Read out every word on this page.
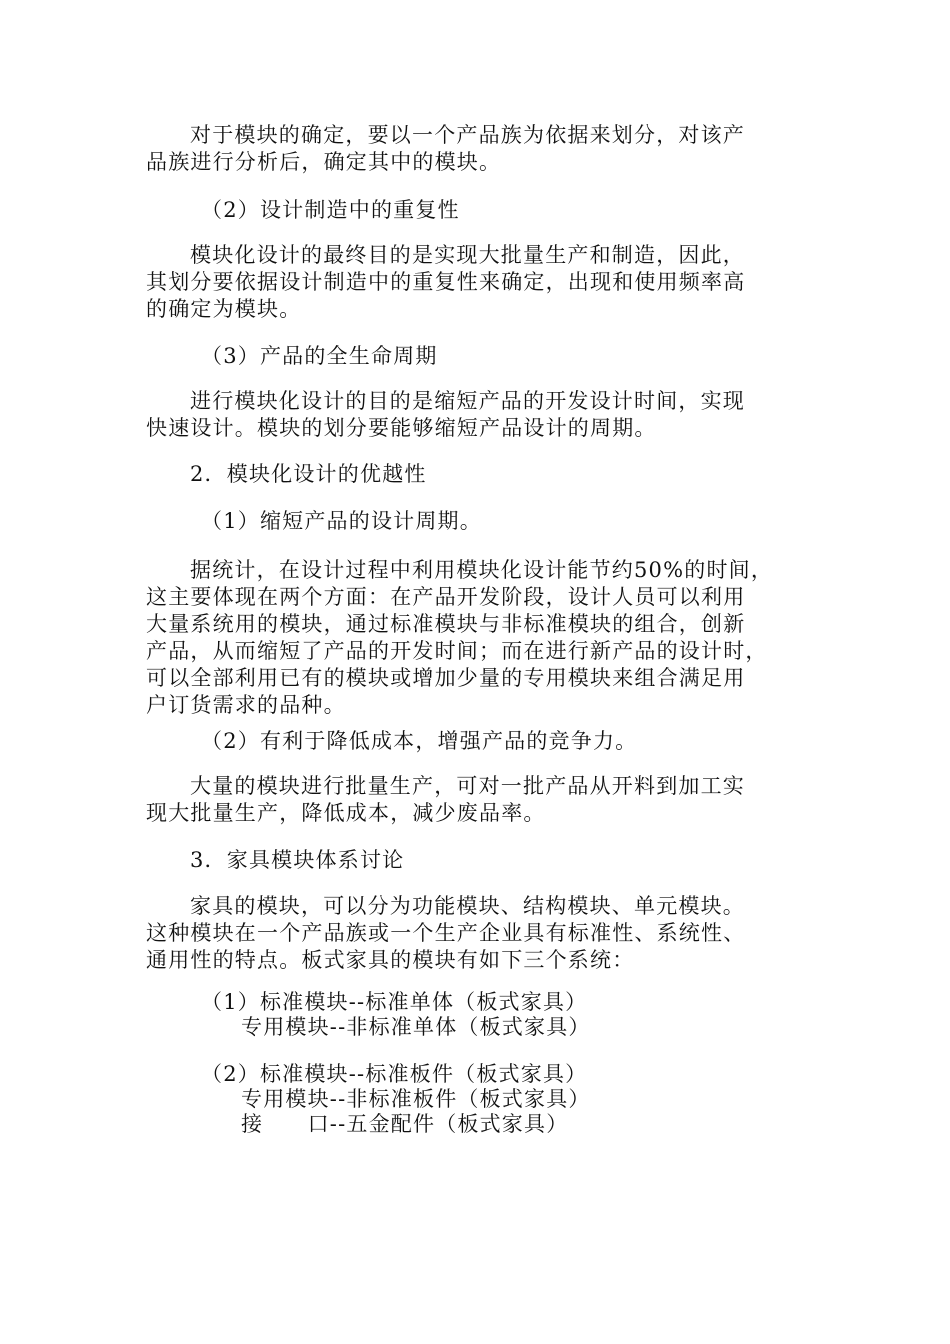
对于模块的确定，要以一个产品族为依据来划分，对该产
品族进行分析后，确定其中的模块。

（2）设计制造中的重复性

模块化设计的最终目的是实现大批量生产和制造，因此，
其划分要依据设计制造中的重复性来确定，出现和使用频率高
的确定为模块。

（3）产品的全生命周期

进行模块化设计的目的是缩短产品的开发设计时间，实现
快速设计。模块的划分要能够缩短产品设计的周期。

2．模块化设计的优越性

（1）缩短产品的设计周期。

据统计，在设计过程中利用模块化设计能节约50%的时间，
这主要体现在两个方面：在产品开发阶段，设计人员可以利用
大量系统用的模块，通过标准模块与非标准模块的组合，创新
产品，从而缩短了产品的开发时间；而在进行新产品的设计时，
可以全部利用已有的模块或增加少量的专用模块来组合满足用
户订货需求的品种。

（2）有利于降低成本，增强产品的竞争力。

大量的模块进行批量生产，可对一批产品从开料到加工实
现大批量生产，降低成本，减少废品率。

3．家具模块体系讨论

家具的模块，可以分为功能模块、结构模块、单元模块。
这种模块在一个产品族或一个生产企业具有标准性、系统性、
通用性的特点。板式家具的模块有如下三个系统：

（1）标准模块--标准单体（板式家具）
专用模块--非标准单体（板式家具）
（2）标准模块--标准板件（板式家具）
专用模块--非标准板件（板式家具）
接　　口--五金配件（板式家具）
